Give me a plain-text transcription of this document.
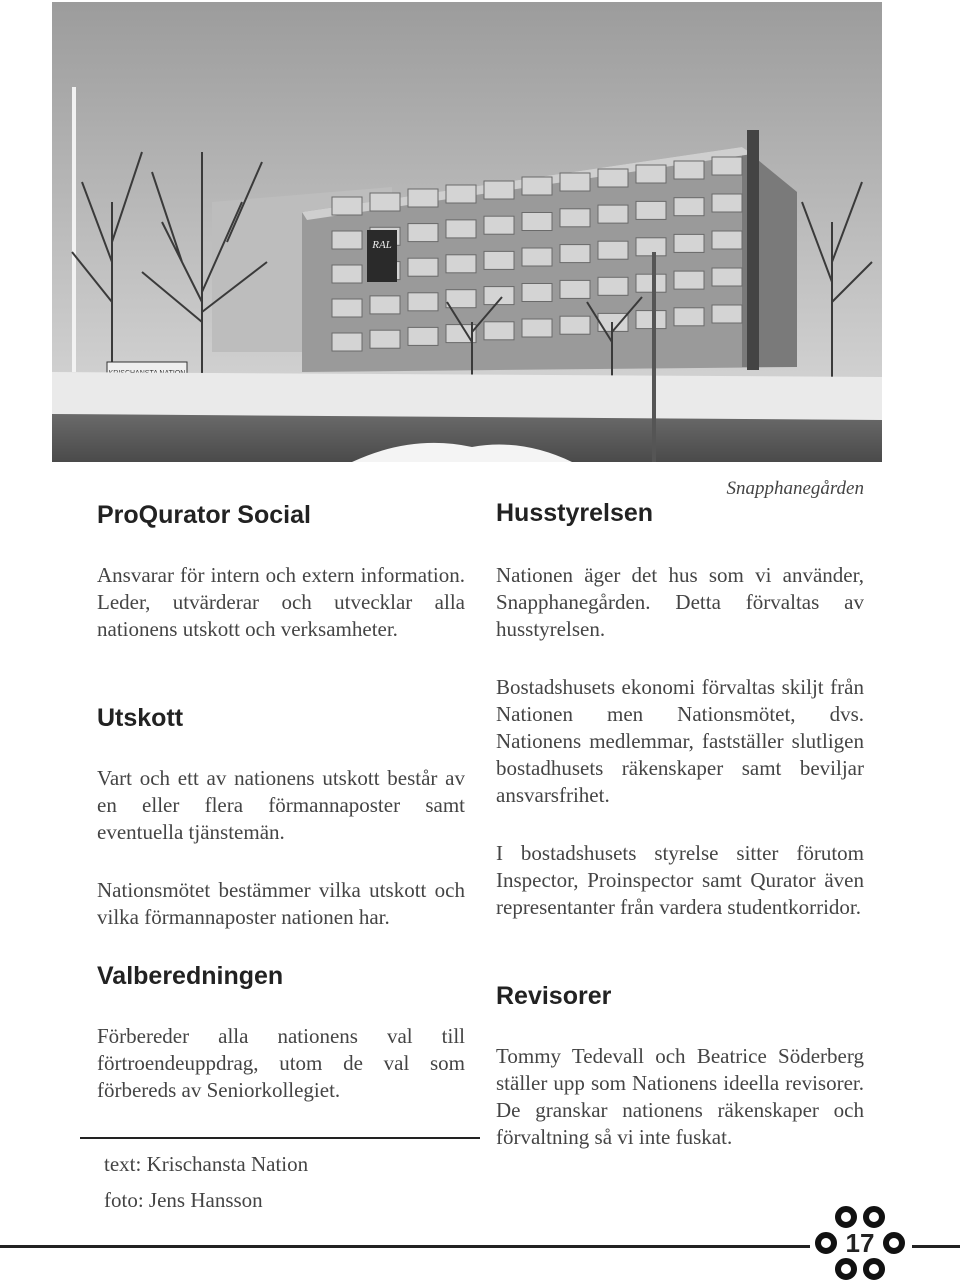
RAL
Snapphanegården
ProQurator Social

Ansvarar för intern och extern information. Leder, utvärderar och utvecklar alla nationens utskott och verksamheter.

Utskott

Vart och ett av nationens utskott består av en eller flera förmannaposter samt eventuella tjänstemän.

Nationsmötet bestämmer vilka utskott och vilka förmannaposter nationen har.

Valberedningen

Förbereder alla nationens val till förtroendeuppdrag, utom de val som förbereds av Seniorkollegiet.

text: Krischansta Nation
foto: Jens Hansson
Husstyrelsen

Nationen äger det hus som vi använder, Snapphanegården. Detta förvaltas av husstyrelsen.

Bostadshusets ekonomi förvaltas skiljt från Nationen men Nationsmötet, dvs. Nationens medlemmar, fastställer slutligen bostadhusets räkenskaper samt beviljar ansvarsfrihet.

I bostadshusets styrelse sitter förutom Inspector, Proinspector samt Qurator även representanter från vardera studentkorridor.

Revisorer

Tommy Tedevall och Beatrice Söderberg ställer upp som Nationens ideella revisorer. De granskar nationens räkenskaper och förvaltning så vi inte fuskat.

17
